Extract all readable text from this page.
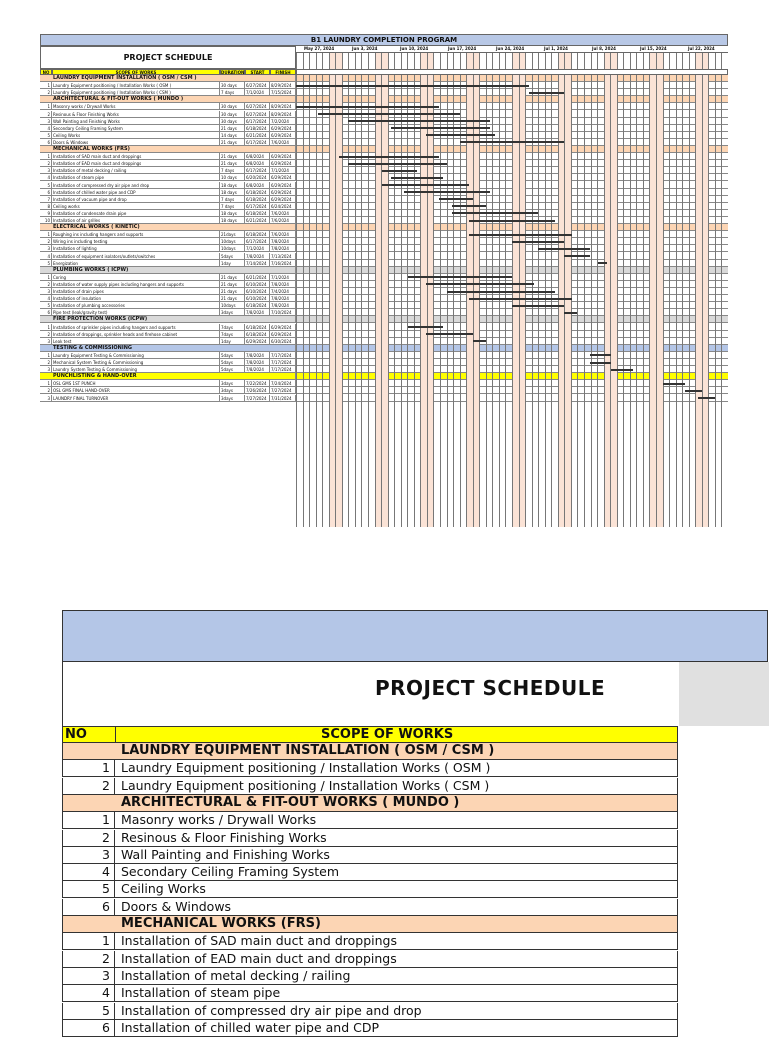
B1 LAUNDRY COMPLETION PROGRAM
PROJECT SCHEDULE
May 27, 2024	Jun 3, 2024	Jun 10, 2024	Jun 17, 2024	Jun 24, 2024	Jul 1, 2024	Jul 8, 2024	Jul 15, 2024	Jul 22, 2024
NO	SCOPE OF WORKS	DURATION	START	FINISH
LAUNDRY EQUIPMENT INSTALLATION ( OSM / CSM )
1 Laundry Equipment positioning / Installation Works ( OSM )	30 days	6/27/2024	8/29/2024
2 Laundry Equipment positioning / Installation Works ( CSM )	7 days	7/1/2024	7/15/2024
ARCHITECTURAL & FIT-OUT WORKS ( MUNDO )
1 Masonry works / Drywall Works	30 days	6/27/2024	8/29/2024
2 Resinous & Floor Finishing Works	30 days	6/27/2024	8/29/2024
3 Wall Painting and Finishing Works	30 days	6/17/2024	7/2/2024
4 Secondary Ceiling Framing System	21 days	6/18/2024	6/29/2024
5 Ceiling Works	14 days	6/21/2024	6/29/2024
6 Doors & Windows	21 days	6/17/2024	7/6/2024
MECHANICAL WORKS (FRS)
1 Installation of SAD main duct and droppings	21 days	6/8/2024	6/29/2024
2 Installation of EAD main duct and droppings	21 days	6/8/2024	6/29/2024
3 Installation of metal decking / railing	7 days	6/17/2024	7/1/2024
4 Installation of steam pipe	10 days	6/20/2024	6/29/2024
5 Installation of compressed dry air pipe and drop	18 days	6/8/2024	6/29/2024
6 Installation of chilled water pipe and CDP	18 days	6/18/2024	6/29/2024
7 Installation of vacuum pipe and drop	7 days	6/18/2024	6/29/2024
8 Ceiling works	7 days	6/17/2024	6/24/2024
9 Installation of condensate drain pipe	18 days	6/18/2024	7/6/2024
10 Installation of air grilles	18 days	6/21/2024	7/6/2024
ELECTRICAL WORKS ( KINETIC)
1 Roughing ins including hangers and supports	21days	6/18/2024	7/6/2024
2 Wiring ins including testing	10days	6/17/2024	7/8/2024
3 Installation of lighting	10days	7/1/2024	7/8/2024
4 Installation of equipment isolators/outlets/switches	5days	7/8/2024	7/13/2024
5 Energization	1day	7/14/2024	7/16/2024
PLUMBING WORKS ( ICPW)
1 Coring	21 days	6/21/2024	7/1/2024
2 Installation of water supply pipes including hangers and supports	21 days	6/10/2024	7/8/2024
3 Installation of drain pipes	21 days	6/10/2024	7/4/2024
4 Installation of insulation	21 days	6/10/2024	7/8/2024
5 Installation of plumbing accessories	10days	6/18/2024	7/8/2024
6 Pipe test (leak/gravity test)	3days	7/8/2024	7/10/2024
FIRE PROTECTION WORKS (ICPW)
1 Installation of sprinkler pipes including hangers and supports	7days	6/18/2024	6/29/2024
2 Installation of droppings, sprinkler heads and firehose cabinet	7days	6/18/2024	6/29/2024
3 Leak test	1day	6/29/2024	6/30/2024
TESTING & COMMISSIONING
1 Laundry Equipment Testing & Commissioning	5days	7/8/2024	7/17/2024
2 Mechanical System Testing & Commissioning	5days	7/8/2024	7/17/2024
3 Laundry System Testing & Commissioning	5days	7/8/2024	7/17/2024
PUNCHLISTING & HAND-OVER
1 OSL GMS 1ST PUNCH	3days	7/22/2024	7/24/2024
2 OSL GMS FINAL HAND-OVER	3days	7/26/2024	7/27/2024
3 LAUNDRY FINAL TURNOVER	3days	7/27/2024	7/31/2024
PROJECT SCHEDULE
NO	SCOPE OF WORKS
LAUNDRY EQUIPMENT INSTALLATION ( OSM / CSM )
1 Laundry Equipment positioning / Installation Works ( OSM )
2 Laundry Equipment positioning / Installation Works ( CSM )
ARCHITECTURAL & FIT-OUT WORKS ( MUNDO )
1 Masonry works / Drywall Works
2 Resinous & Floor Finishing Works
3 Wall Painting and Finishing Works
4 Secondary Ceiling Framing System
5 Ceiling Works
6 Doors & Windows
MECHANICAL WORKS (FRS)
1 Installation of SAD main duct and droppings
2 Installation of EAD main duct and droppings
3 Installation of metal decking / railing
4 Installation of steam pipe
5 Installation of compressed dry air pipe and drop
6 Installation of chilled water pipe and CDP
